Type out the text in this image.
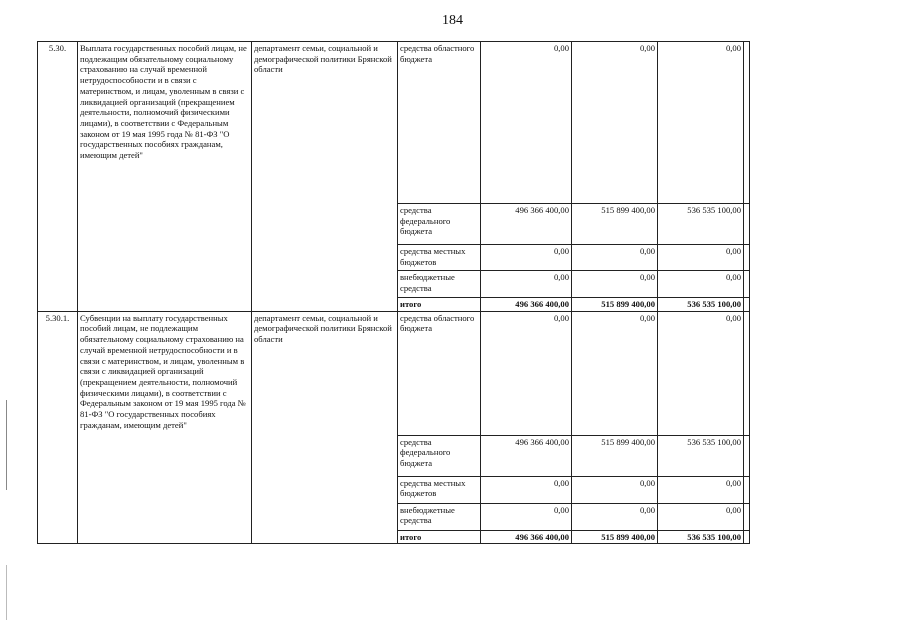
184
5.30.	Выплата государственных пособий лицам, не подлежащим обязательному социальному страхованию на случай временной нетрудоспособности и в связи с материнством, и лицам, уволенным в связи с ликвидацией организаций (прекращением деятельности, полномочий физическими лицами), в соответствии с Федеральным законом от 19 мая 1995 года № 81-ФЗ "О государственных пособиях гражданам, имеющим детей"	департамент семьи, социальной и демографической политики Брянской области	средства областного бюджета	0,00	0,00	0,00	
			средства федерального бюджета	496 366 400,00	515 899 400,00	536 535 100,00	
			средства местных бюджетов	0,00	0,00	0,00	
			внебюджетные средства	0,00	0,00	0,00	
			итого	496 366 400,00	515 899 400,00	536 535 100,00	
5.30.1.	Субвенции на выплату государственных пособий лицам, не подлежащим обязательному социальному страхованию на случай временной нетрудоспособности и в связи с материнством, и лицам, уволенным в связи с ликвидацией организаций (прекращением деятельности, полномочий физическими лицами), в соответствии с Федеральным законом от 19 мая 1995 года № 81-ФЗ "О государственных пособиях гражданам, имеющим детей"	департамент семьи, социальной и демографической политики Брянской области	средства областного бюджета	0,00	0,00	0,00	
			средства федерального бюджета	496 366 400,00	515 899 400,00	536 535 100,00	
			средства местных бюджетов	0,00	0,00	0,00	
			внебюджетные средства	0,00	0,00	0,00	
			итого	496 366 400,00	515 899 400,00	536 535 100,00	
